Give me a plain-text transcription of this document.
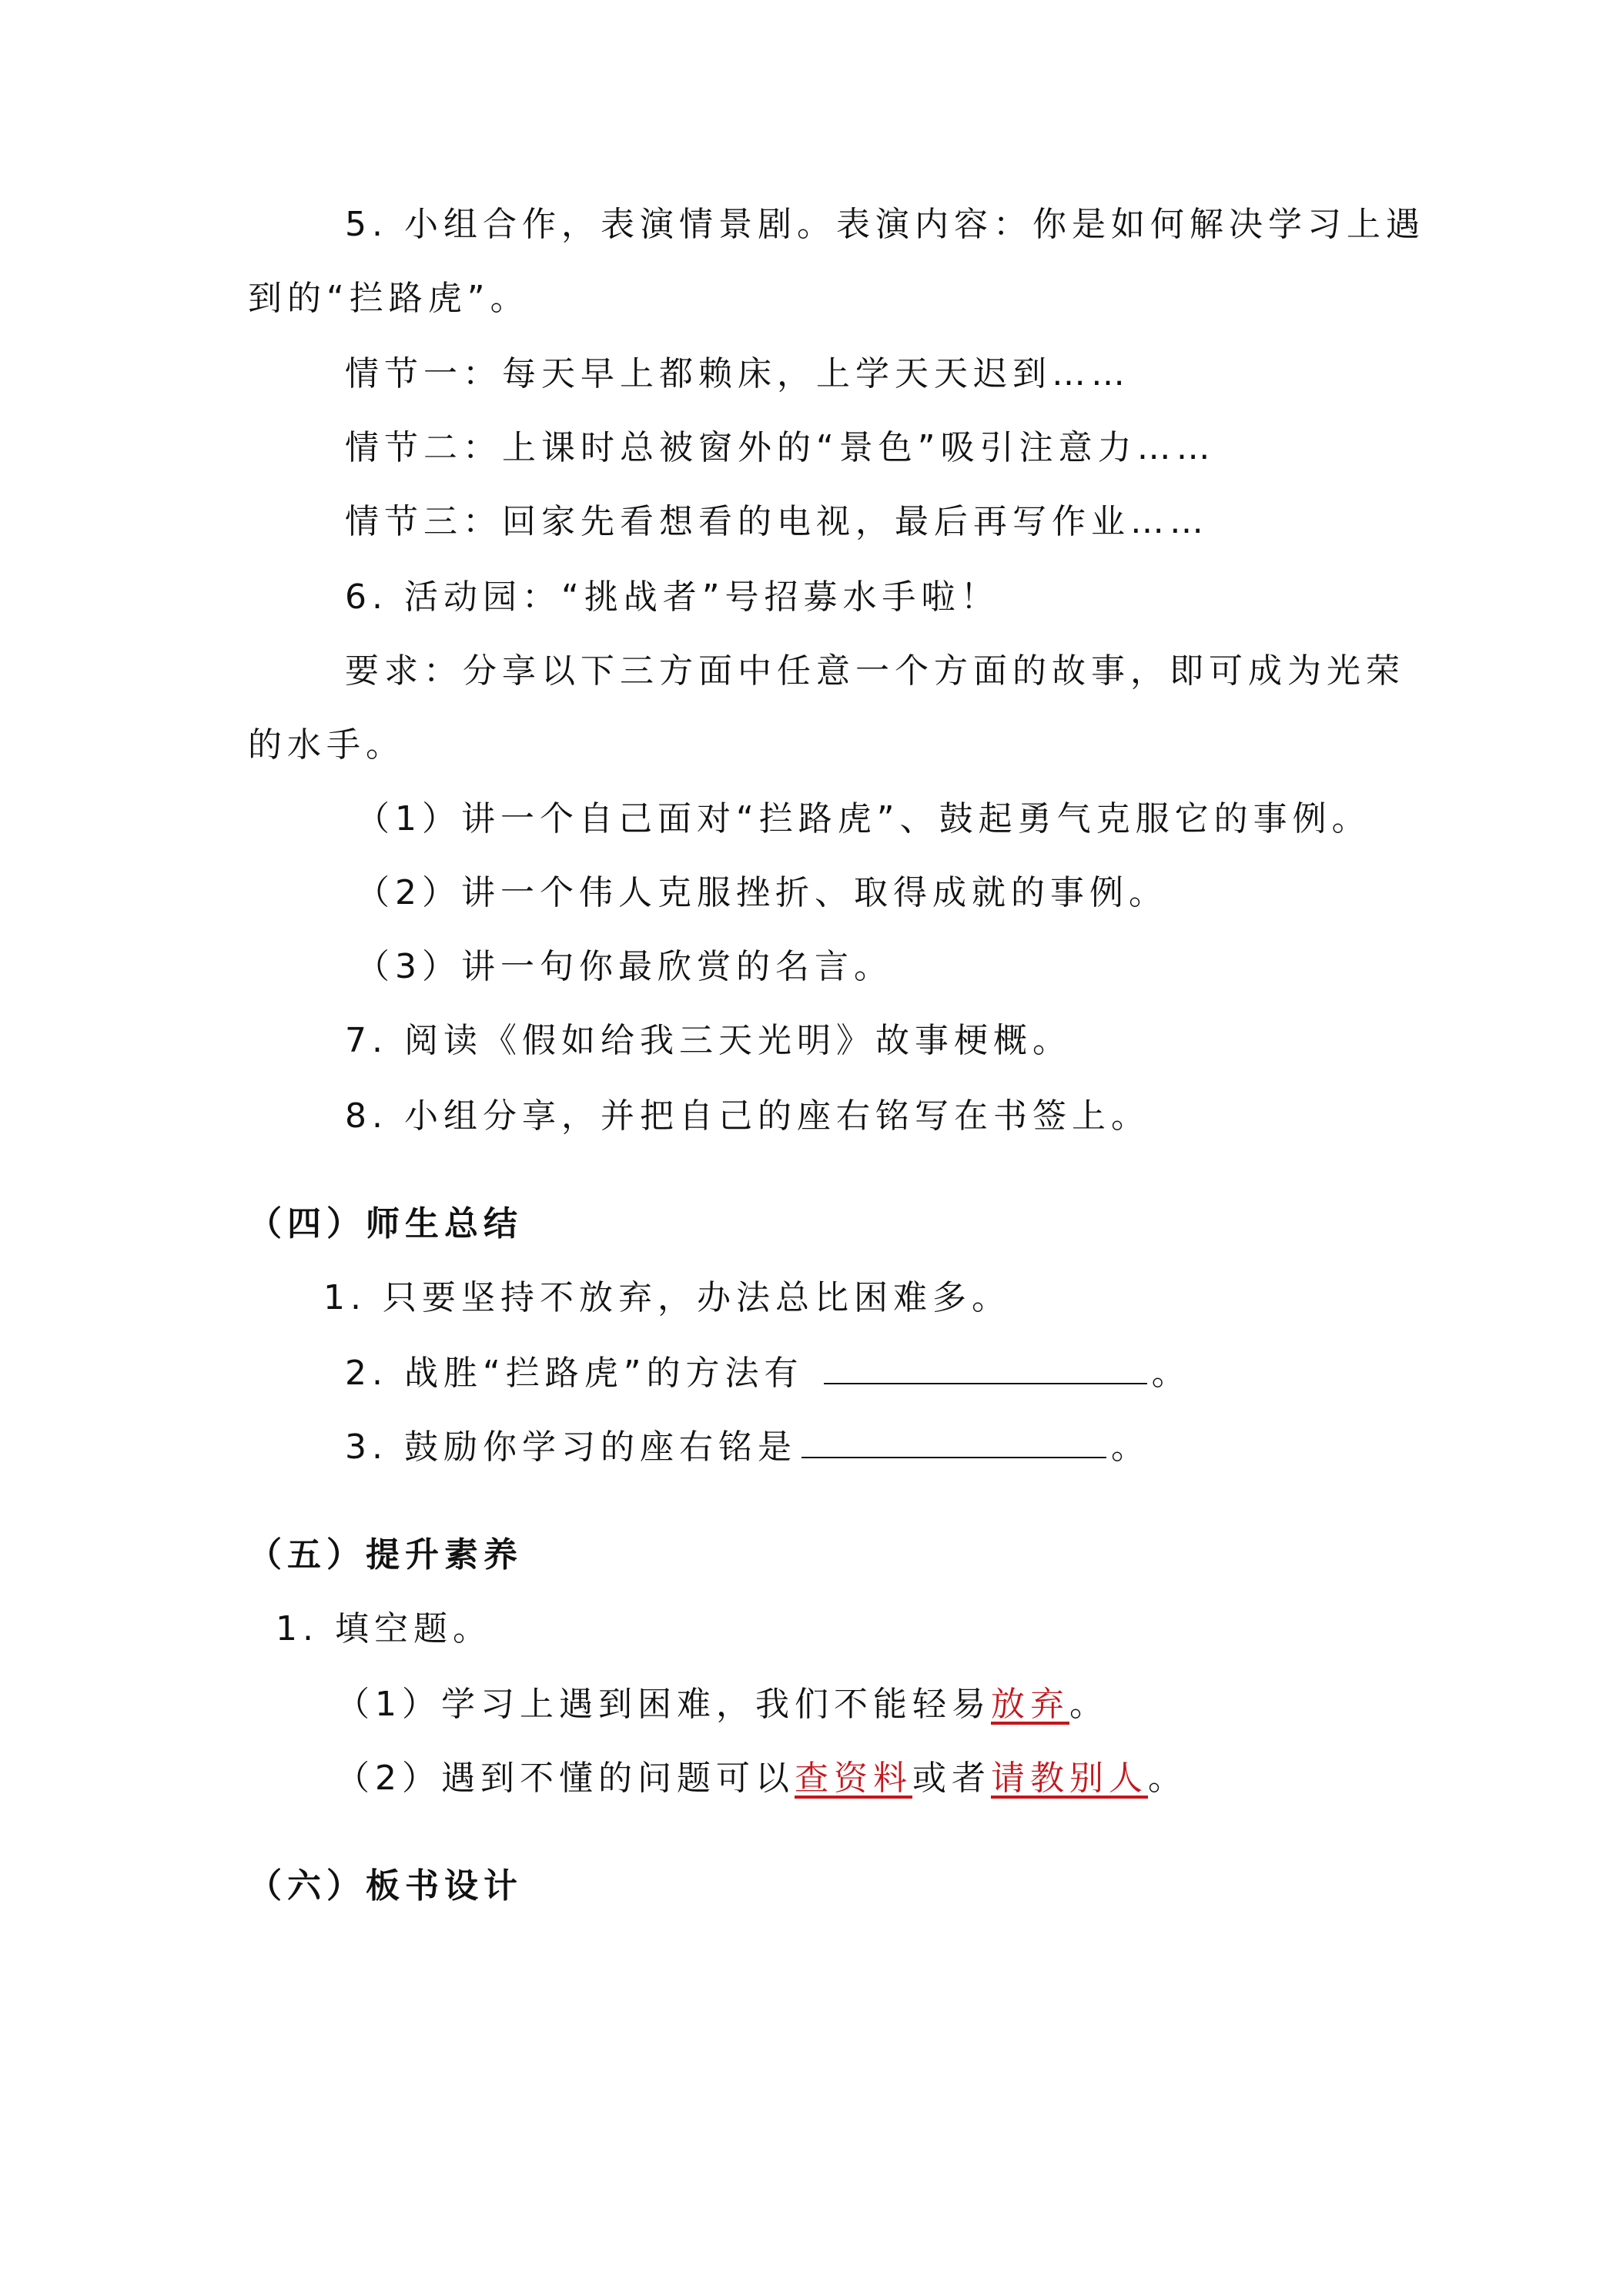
5. 小组合作，表演情景剧。表演内容：你是如何解决学习上遇
到的“拦路虎”。
情节一：每天早上都赖床，上学天天迟到……
情节二：上课时总被窗外的“景色”吸引注意力……
情节三：回家先看想看的电视，最后再写作业……
6. 活动园：“挑战者”号招募水手啦！
要求：分享以下三方面中任意一个方面的故事，即可成为光荣
的水手。
（1）讲一个自己面对“拦路虎”、鼓起勇气克服它的事例。
（2）讲一个伟人克服挫折、取得成就的事例。
（3）讲一句你最欣赏的名言。
7. 阅读《假如给我三天光明》故事梗概。
8. 小组分享，并把自己的座右铭写在书签上。
（四）师生总结
1. 只要坚持不放弃，办法总比困难多。
2. 战胜“拦路虎”的方法有	。
3. 鼓励你学习的座右铭是	。
（五）提升素养
1. 填空题。
（1）学习上遇到困难，我们不能轻易放弃。
（2）遇到不懂的问题可以查资料或者请教别人。
（六）板书设计
